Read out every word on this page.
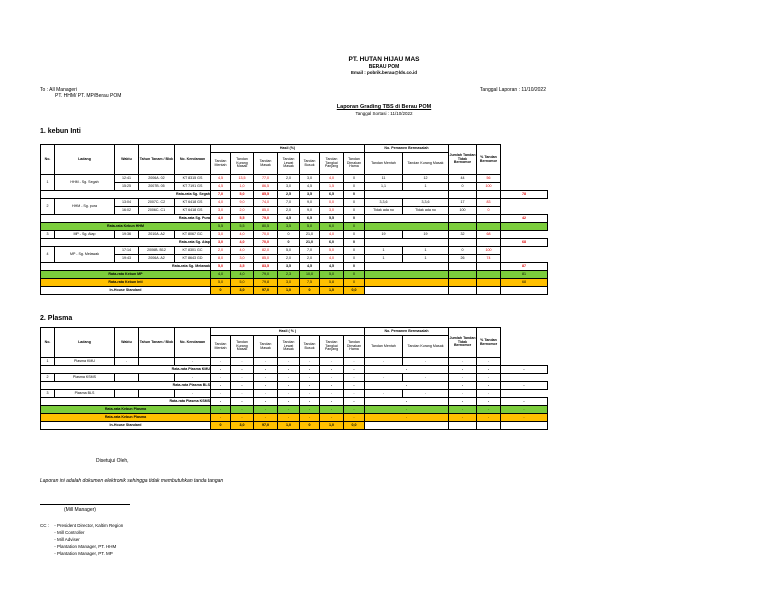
PT. HUTAN HIJAU MAS
BERAU POM
Email : pobrik.berau@lds.co.id
To : All Manageri
PT. HHM/ PT. MP/Berau POM
Tanggal Laporan : 11/10/2022
Laporan Grading TBS di Berau POM
Tanggal Sortasi : 11/10/2022
1. kebun Inti
No.	Ladang	Waktu	Tahun Tanam / Blok	No. Kendaraan	Hasil (%)							No. Pemanen Bermasalah		Jumlah Tandan Tidak Bernomor	% Tandan Bernomor	
					Tandan Mentah	Tandan Kurang Masak	Tandan Masak	Tandan Lewat Masak	Tandan Busuk	Tandan Tangkai Panjang	Tandan Dimakan Hama	Tandan Mentah	Tandan Kurang Masak			
1	HHM - Sg. Segah	12:41	2006A. 02	KT 8315 GS	4,5	13,5	77,0	2,0	3,0	4,0	0	11	12	44	56	
		15:25	2007B. 05	KT 7191 GS	4,5	1,0	86,5	3,0	4,5	1,5	0	1,1	1	0	100	
Rata-rata Sg. Segah					7,0	5,0	85,5	2,5	3,5	6,5	0					78
2	HHM - Sg. pura	13:04	2007C. C2	KT 6418 GS	4,0	9,0	74,0	7,0	9,0	0,0	0	3,3,6	3,3,6	17	83	
		16:02	2006C. C1	KT 6418 GS	3,0	2,0	85,0	2,0	9,0	3,0	0	Tidak ada no	Tidak ada no	100	0	
Rata-rata Sg. Pura					4,0	5,5	79,0	4,5	6,5	5,5	0					42
Rata-rata Kebun HHM					5,5	5,5	80,5	3,5	5,0	6,0	0					
3	MP - Sg. Atap	19:36	2010A. A2	KT 8067 GC	3,0	4,0	70,0	0	21,0	4,0	0	19	19	32	68	
Rata-rata Sg. Atap					3,0	4,0	70,0	0	21,0	6,0	0					68
4	MP - Sg. Melawak	17:14	2006B. B12	KT 8301 GC	2,0	4,0	82,0	5,0	7,0	5,0	0	1	1	0	100	
		19:43	2006A. A2	KT 8643 GD	8,0	3,0	85,0	2,0	2,0	4,0	0	1	1	26	74	
Rata-rata Sg. Melawak					5,0	3,5	83,5	3,5	4,5	4,5	0					87
Rata-rata Kebun MP					4,0	4,0	79,0	2,3	10,0	5,0	0					81
Rata-rata Kebun Inti					5,0	5,0	79,8	3,0	7,5	5,8	0					68
In-House Standard					0	3,0	97,0	1,0	0	1,0	0,0					
2. Plasma
No.	Ladang	Waktu	Tahun Tanam / Blok	No. Kendaraan	Hasil ( % )							No. Pemanen Bermasalah		Jumlah Tandan Tidak Bernomor	% Tandan Bernomor	
					Tandan Mentah	Tandan Kurang Masak	Tandan Masak	Tandan Lewat Masak	Tandan Busuk	Tandan Tangkai Panjang	Tandan Dimakan Hama	Tandan Mentah	Tandan Kurang Masak			
1	Plasma KMU	-		-	-	-	-	-	-	-	-	-	-	-	-	
Rata-rata Plasma KMU					-	-	-	-	-	-	-	-		-	-	-
2	Plasma KSMS			-	-	-	-	-	-	-	-	-	-	-	-	
Rata-rata Plasma BLS					-	-	-	-	-	-	-	-		-	-	-
3	Plasma BLS			-	-	-	-	-	-	-	-	-	-	-	-	
Rata-rata Plasma KSMS					-	-	-	-	-	-	-	-		-	-	-
Rata-rata Kebun Plasma					-	-	-	-	-	-	-	-		-	-	-
Rata-rata Kebun Plasma					-	-	-	-	-	-	-	-		-	-	-
In-House Standard					0	3,0	97,0	1,0	0	1,0	0,0					
Disetujui Oleh,
Laporan ini adalah dokumen elektronik sehingga tidak membutuhkan tanda tangan
(Mill Manager)
CC : - President Director, Kaltim Region
- Mill Controller
- Mill Adviser
- Plantation Manager, PT. HHM
- Plantation Manager, PT. MP
